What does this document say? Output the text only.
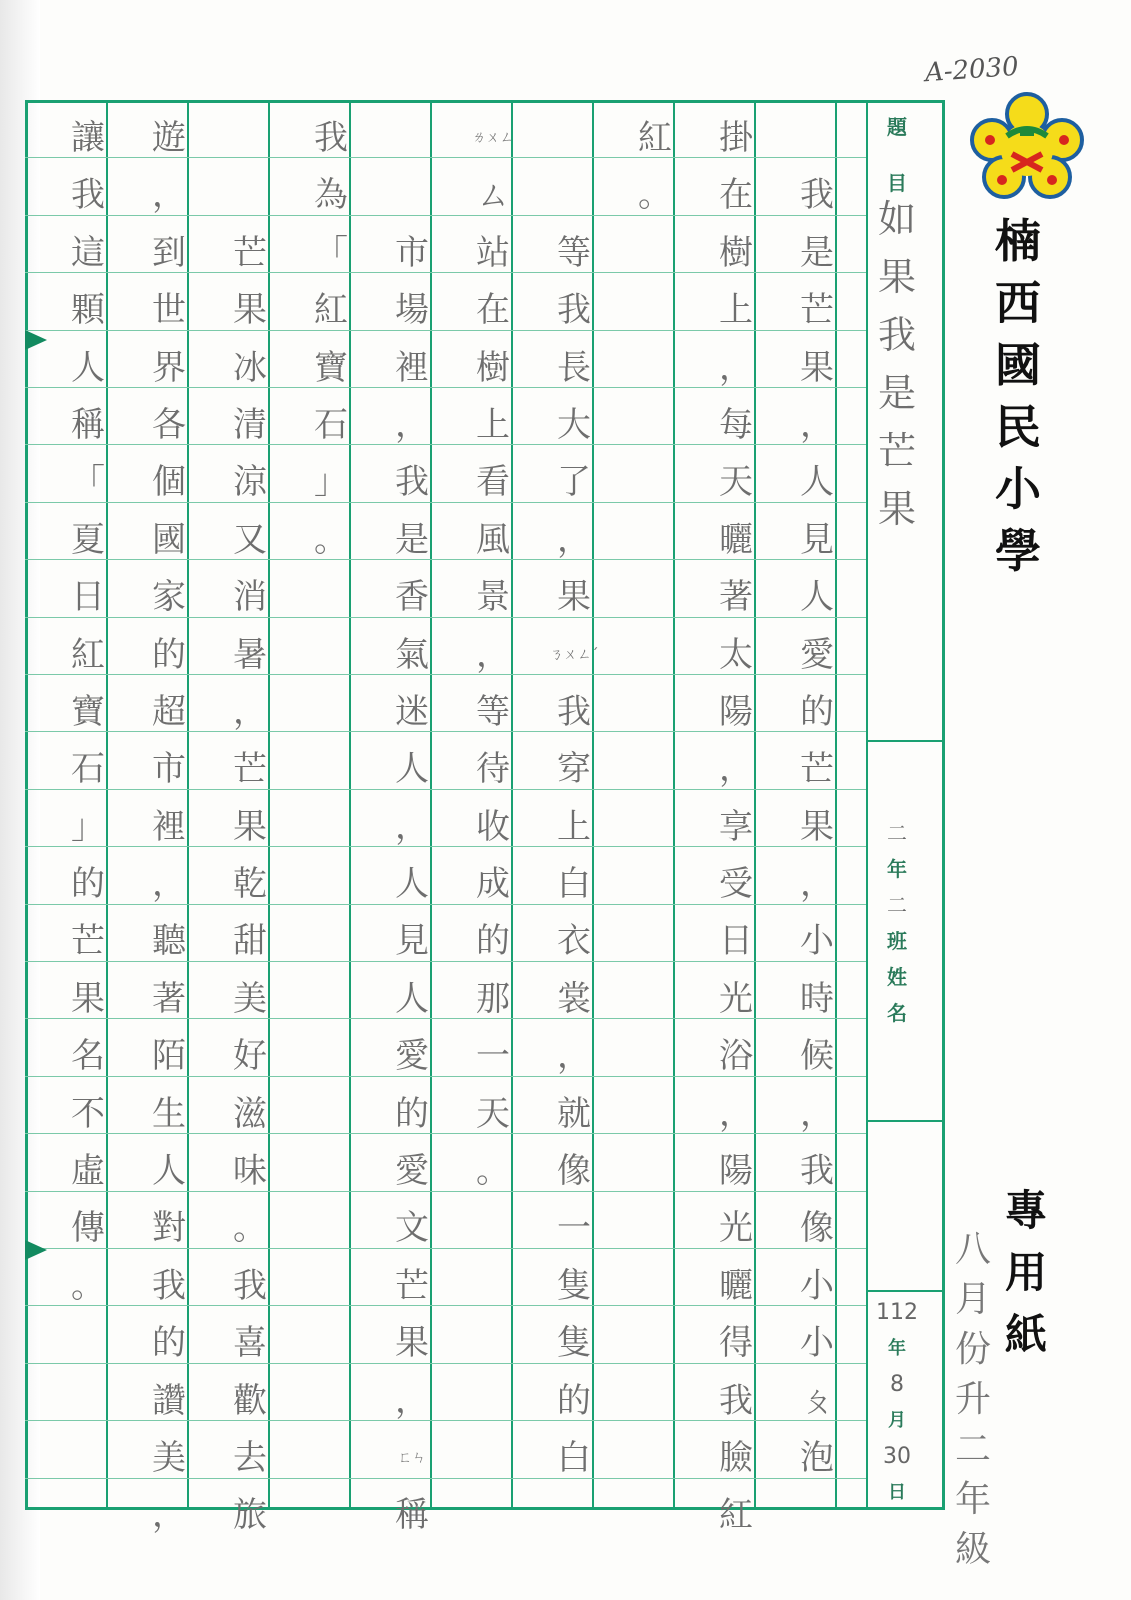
A-2030
楠
西
國
民
小
學
專
用
紙
八
月
份
升
二
年
級
題
目
如
果
我
是
芒
果
二
年
二
班
姓
名
112
年
8
月
30
日
我
是
芒
果
，
人
見
人
愛
的
芒
果
，
小
時
候
，
我
像
小
小
ㄆ
泡
掛
在
樹
上
，
每
天
曬
著
太
陽
，
享
受
日
光
浴
，
陽
光
曬
得
我
臉
紅
紅
。
等
我
長
大
了
，
果
ㄋㄨㄥˊ
我
穿
上
白
衣
裳
，
就
像
一
隻
隻
的
白
ㄌㄨㄥ
ㄙ
站
在
樹
上
看
風
景
，
等
待
收
成
的
那
一
天
。
市
場
裡
，
我
是
香
氣
迷
人
，
人
見
人
愛
的
愛
文
芒
果
，
ㄈㄣ
稱
我
為
「
紅
寶
石
」
。
芒
果
冰
清
涼
又
消
暑
，
芒
果
乾
甜
美
好
滋
味
。
我
喜
歡
去
旅
遊
，
到
世
界
各
個
國
家
的
超
市
裡
，
聽
著
陌
生
人
對
我
的
讚
美
，
讓
我
這
顆
人
稱
「
夏
日
紅
寶
石
」
的
芒
果
名
不
虛
傳
。
